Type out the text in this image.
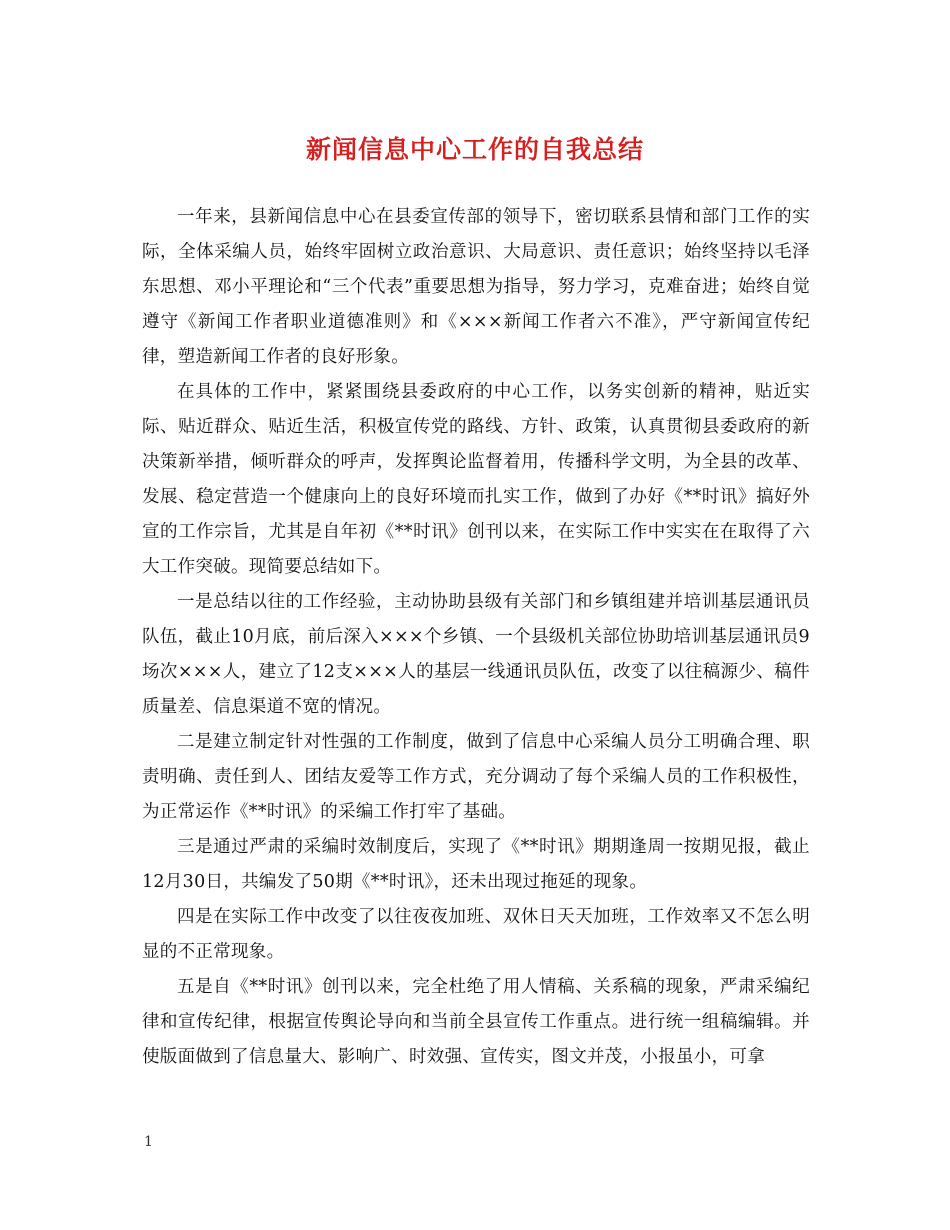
新闻信息中心工作的自我总结

一年来，县新闻信息中心在县委宣传部的领导下，密切联系县情和部门工作的实际，全体采编人员，始终牢固树立政治意识、大局意识、责任意识；始终坚持以毛泽东思想、邓小平理论和“三个代表”重要思想为指导，努力学习，克难奋进；始终自觉遵守《新闻工作者职业道德准则》和《×××新闻工作者六不准》，严守新闻宣传纪律，塑造新闻工作者的良好形象。

在具体的工作中，紧紧围绕县委政府的中心工作，以务实创新的精神，贴近实际、贴近群众、贴近生活，积极宣传党的路线、方针、政策，认真贯彻县委政府的新决策新举措，倾听群众的呼声，发挥舆论监督着用，传播科学文明，为全县的改革、发展、稳定营造一个健康向上的良好环境而扎实工作，做到了办好《**时讯》搞好外宣的工作宗旨，尤其是自年初《**时讯》创刊以来，在实际工作中实实在在取得了六大工作突破。现简要总结如下。

一是总结以往的工作经验，主动协助县级有关部门和乡镇组建并培训基层通讯员队伍，截止10月底，前后深入×××个乡镇、一个县级机关部位协助培训基层通讯员9场次×××人，建立了12支×××人的基层一线通讯员队伍，改变了以往稿源少、稿件质量差、信息渠道不宽的情况。

二是建立制定针对性强的工作制度，做到了信息中心采编人员分工明确合理、职责明确、责任到人、团结友爱等工作方式，充分调动了每个采编人员的工作积极性，为正常运作《**时讯》的采编工作打牢了基础。

三是通过严肃的采编时效制度后，实现了《**时讯》期期逢周一按期见报，截止12月30日，共编发了50期《**时讯》，还未出现过拖延的现象。

四是在实际工作中改变了以往夜夜加班、双休日天天加班，工作效率又不怎么明显的不正常现象。

五是自《**时讯》创刊以来，完全杜绝了用人情稿、关系稿的现象，严肃采编纪律和宣传纪律，根据宣传舆论导向和当前全县宣传工作重点。进行统一组稿编辑。并使版面做到了信息量大、影响广、时效强、宣传实，图文并茂，小报虽小，可拿

1
